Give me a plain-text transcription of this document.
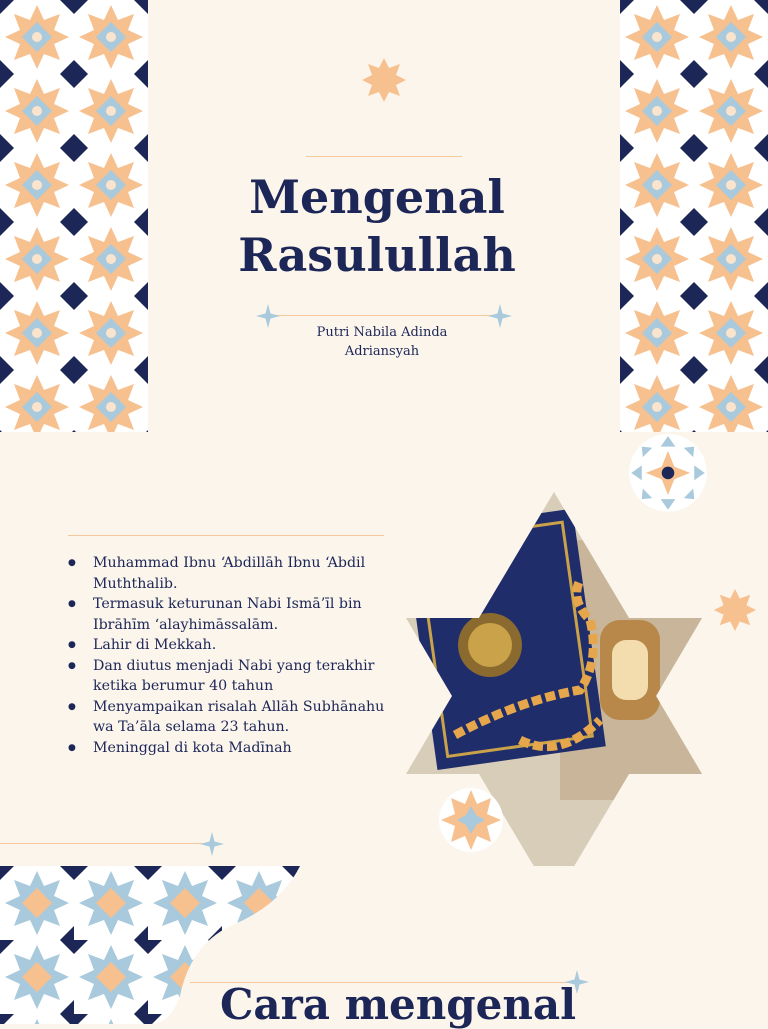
Mengenal
Rasulullah
Putri Nabila Adinda
Adriansyah
● Muhammad Ibnu ‘Abdillāh Ibnu ‘Abdil Muththalib.
● Termasuk keturunan Nabi Ismā’īl bin Ibrāhīm ‘alayhimāssalām.
● Lahir di Mekkah.
● Dan diutus menjadi Nabi yang terakhir ketika berumur 40 tahun
● Menyampaikan risalah Allāh Subhānahu wa Ta’āla selama 23 tahun.
● Meninggal di kota Madīnah
Cara mengenal
